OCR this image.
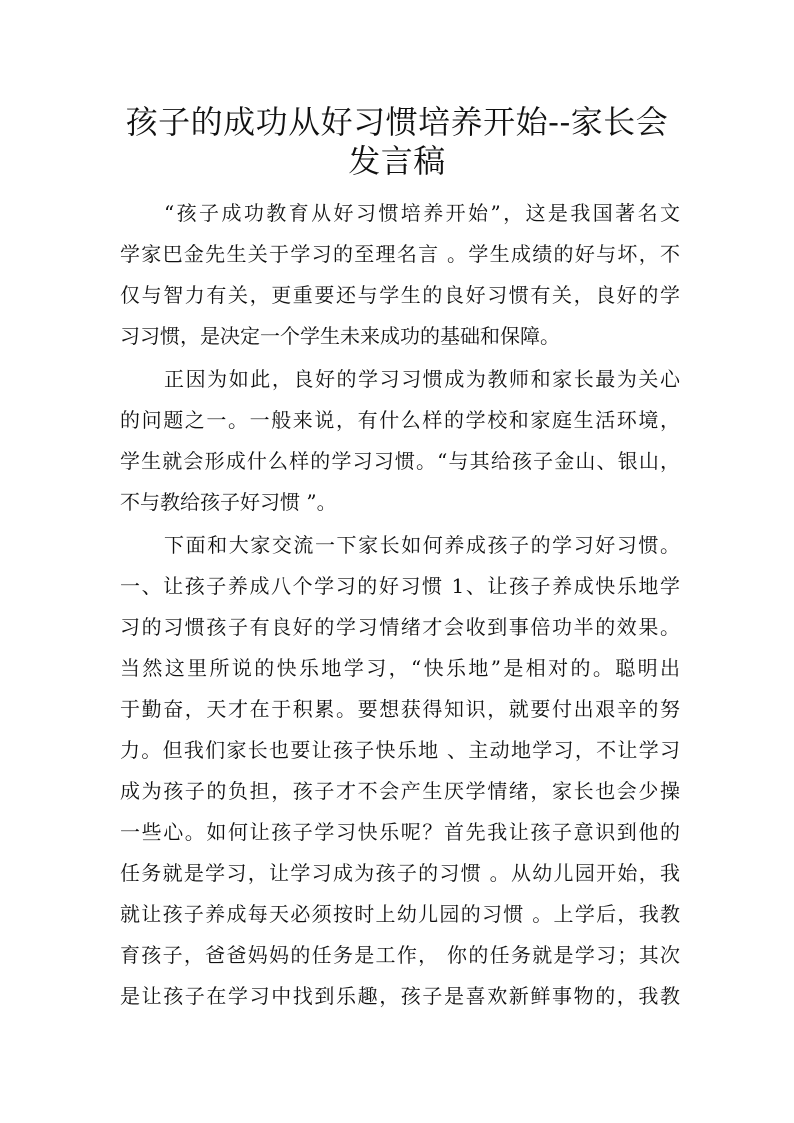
孩子的成功从好习惯培养开始--家长会
发言稿
“孩子成功教育从好习惯培养开始”，这是我国著名文
学家巴金先生关于学习的至理名言 。学生成绩的好与坏，不
仅与智力有关，更重要还与学生的良好习惯有关，良好的学
习习惯，是决定一个学生未来成功的基础和保障。
正因为如此，良好的学习习惯成为教师和家长最为关心
的问题之一。一般来说，有什么样的学校和家庭生活环境，
学生就会形成什么样的学习习惯。“与其给孩子金山、银山，
不与教给孩子好习惯 ”。
下面和大家交流一下家长如何养成孩子的学习好习惯。
一、让孩子养成八个学习的好习惯 1、让孩子养成快乐地学
习的习惯孩子有良好的学习情绪才会收到事倍功半的效果。
当然这里所说的快乐地学习，“快乐地”是相对的。聪明出
于勤奋，天才在于积累。要想获得知识，就要付出艰辛的努
力。但我们家长也要让孩子快乐地 、主动地学习，不让学习
成为孩子的负担，孩子才不会产生厌学情绪，家长也会少操
一些心。如何让孩子学习快乐呢？首先我让孩子意识到他的
任务就是学习，让学习成为孩子的习惯 。从幼儿园开始，我
就让孩子养成每天必须按时上幼儿园的习惯 。上学后，我教
育孩子，爸爸妈妈的任务是工作， 你的任务就是学习；其次
是让孩子在学习中找到乐趣，孩子是喜欢新鲜事物的，我教
